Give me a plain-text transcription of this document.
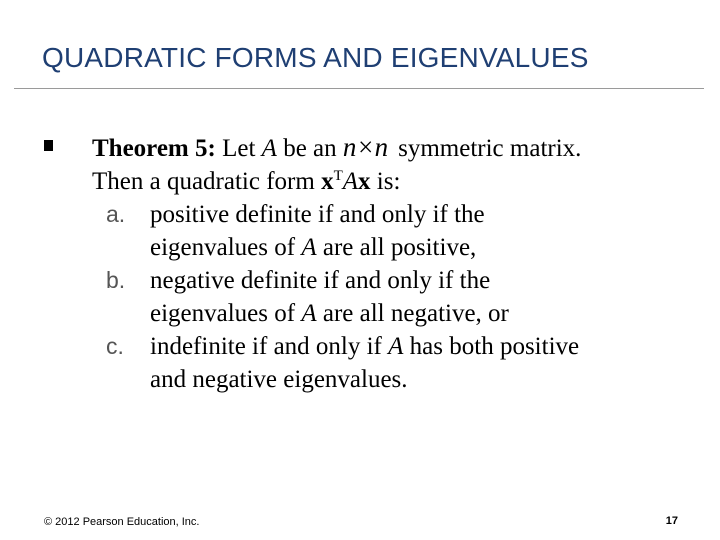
QUADRATIC FORMS AND EIGENVALUES
Theorem 5: Let A be an n×n symmetric matrix.
Then a quadratic form $x^TAx$ is:
a. positive definite if and only if the
eigenvalues of A are all positive,
b. negative definite if and only if the
eigenvalues of A are all negative, or
c. indefinite if and only if A has both positive
and negative eigenvalues.
© 2012 Pearson Education, Inc.	17
